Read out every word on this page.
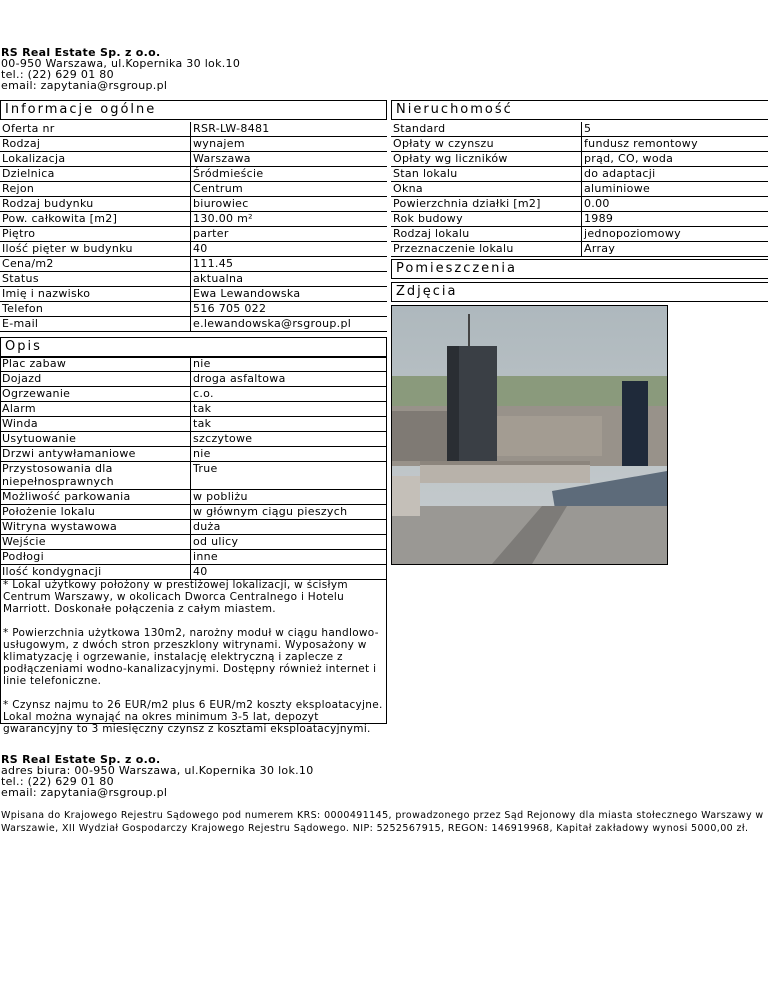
RS Real Estate Sp. z o.o.
00-950 Warszawa, ul.Kopernika 30 lok.10
tel.: (22) 629 01 80
email: zapytania@rsgroup.pl
Informacje ogólne
Oferta nr	RSR-LW-8481
Rodzaj	wynajem
Lokalizacja	Warszawa
Dzielnica	Śródmieście
Rejon	Centrum
Rodzaj budynku	biurowiec
Pow. całkowita [m2]	130.00 m²
Piętro	parter
Ilość pięter w budynku	40
Cena/m2	111.45
Status	aktualna
Imię i nazwisko	Ewa Lewandowska
Telefon	516 705 022
E-mail	e.lewandowska@rsgroup.pl
Nieruchomość
Standard	5
Opłaty w czynszu	fundusz remontowy
Opłaty wg liczników	prąd, CO, woda
Stan lokalu	do adaptacji
Okna	aluminiowe
Powierzchnia działki [m2]	0.00
Rok budowy	1989
Rodzaj lokalu	jednopoziomowy
Przeznaczenie lokalu	Array
Pomieszczenia
Zdjęcia
Opis
Plac zabaw	nie
Dojazd	droga asfaltowa
Ogrzewanie	c.o.
Alarm	tak
Winda	tak
Usytuowanie	szczytowe
Drzwi antywłamaniowe	nie
Przystosowania dla niepełnosprawnych	True
Możliwość parkowania	w pobliżu
Położenie lokalu	w głównym ciągu pieszych
Witryna wystawowa	duża
Wejście	od ulicy
Podłogi	inne
Ilość kondygnacji	40
* Lokal użytkowy położony w prestiżowej lokalizacji, w ścisłym Centrum Warszawy, w okolicach Dworca Centralnego i Hotelu Marriott. Doskonałe połączenia z całym miastem.
* Powierzchnia użytkowa 130m2, narożny moduł w ciągu handlowo-usługowym, z dwóch stron przeszklony witrynami. Wyposażony w klimatyzację i ogrzewanie, instalację elektryczną i zaplecze z podłączeniami wodno-kanalizacyjnymi. Dostępny również internet i linie telefoniczne.
* Czynsz najmu to 26 EUR/m2 plus 6 EUR/m2 koszty eksploatacyjne. Lokal można wynająć na okres minimum 3-5 lat, depozyt gwarancyjny to 3 miesięczny czynsz z kosztami eksploatacyjnymi.
RS Real Estate Sp. z o.o.
adres biura: 00-950 Warszawa, ul.Kopernika 30 lok.10
tel.: (22) 629 01 80
email: zapytania@rsgroup.pl
Wpisana do Krajowego Rejestru Sądowego pod numerem KRS: 0000491145, prowadzonego przez Sąd Rejonowy dla miasta stołecznego Warszawy w Warszawie, XII Wydział Gospodarczy Krajowego Rejestru Sądowego. NIP: 5252567915, REGON: 146919968, Kapitał zakładowy wynosi 5000,00 zł.
